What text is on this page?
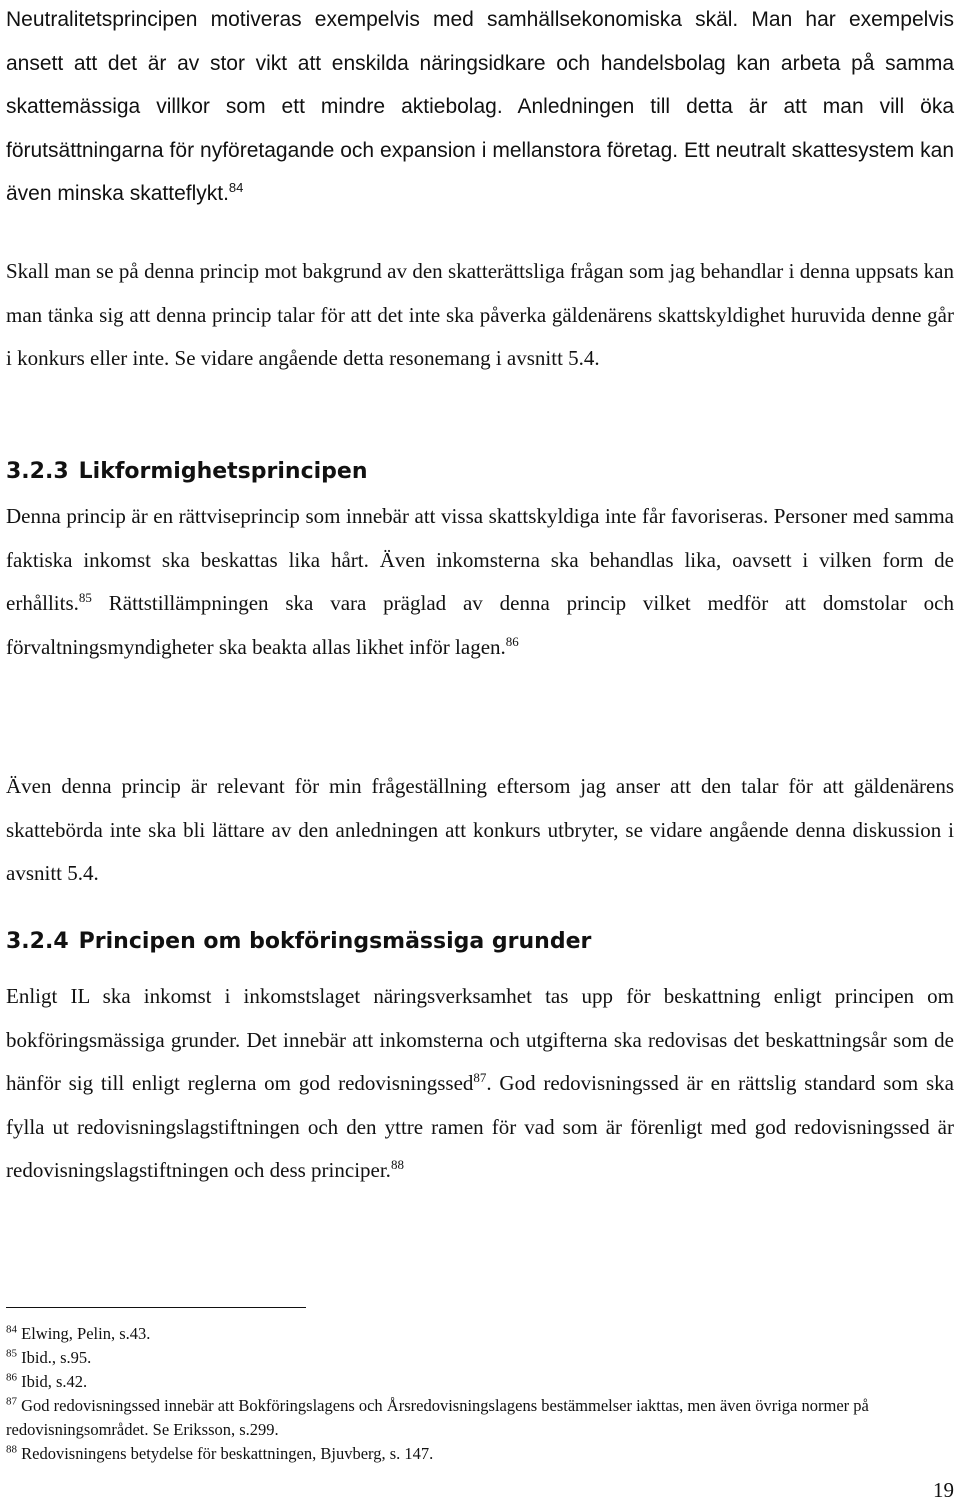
Neutralitetsprincipen motiveras exempelvis med samhällsekonomiska skäl. Man har exempelvis ansett att det är av stor vikt att enskilda näringsidkare och handelsbolag kan arbeta på samma skattemässiga villkor som ett mindre aktiebolag. Anledningen till detta är att man vill öka förutsättningarna för nyföretagande och expansion i mellanstora företag. Ett neutralt skattesystem kan även minska skatteflykt.$^{84}$

Skall man se på denna princip mot bakgrund av den skatterättsliga frågan som jag behandlar i denna uppsats kan man tänka sig att denna princip talar för att det inte ska påverka gäldenärens skattskyldighet huruvida denne går i konkurs eller inte. Se vidare angående detta resonemang i avsnitt 5.4.

3.2.3 Likformighetsprincipen

Denna princip är en rättviseprincip som innebär att vissa skattskyldiga inte får favoriseras. Personer med samma faktiska inkomst ska beskattas lika hårt. Även inkomsterna ska behandlas lika, oavsett i vilken form de erhållits.$^{85}$ Rättstillämpningen ska vara präglad av denna princip vilket medför att domstolar och förvaltningsmyndigheter ska beakta allas likhet inför lagen.$^{86}$

Även denna princip är relevant för min frågeställning eftersom jag anser att den talar för att gäldenärens skattebörda inte ska bli lättare av den anledningen att konkurs utbryter, se vidare angående denna diskussion i avsnitt 5.4.

3.2.4 Principen om bokföringsmässiga grunder

Enligt IL ska inkomst i inkomstslaget näringsverksamhet tas upp för beskattning enligt principen om bokföringsmässiga grunder. Det innebär att inkomsterna och utgifterna ska redovisas det beskattningsår som de hänför sig till enligt reglerna om god redovisningssed$^{87}$. God redovisningssed är en rättslig standard som ska fylla ut redovisningslagstiftningen och den yttre ramen för vad som är förenligt med god redovisningssed är redovisningslagstiftningen och dess principer.$^{88}$

$^{84}$ Elwing, Pelin, s.43.

$^{85}$ Ibid., s.95.

$^{86}$ Ibid, s.42.

$^{87}$ God redovisningssed innebär att Bokföringslagens och Årsredovisningslagens bestämmelser iakttas, men även övriga normer på redovisningsområdet. Se Eriksson, s.299.

$^{88}$ Redovisningens betydelse för beskattningen, Bjuvberg, s. 147.

19
